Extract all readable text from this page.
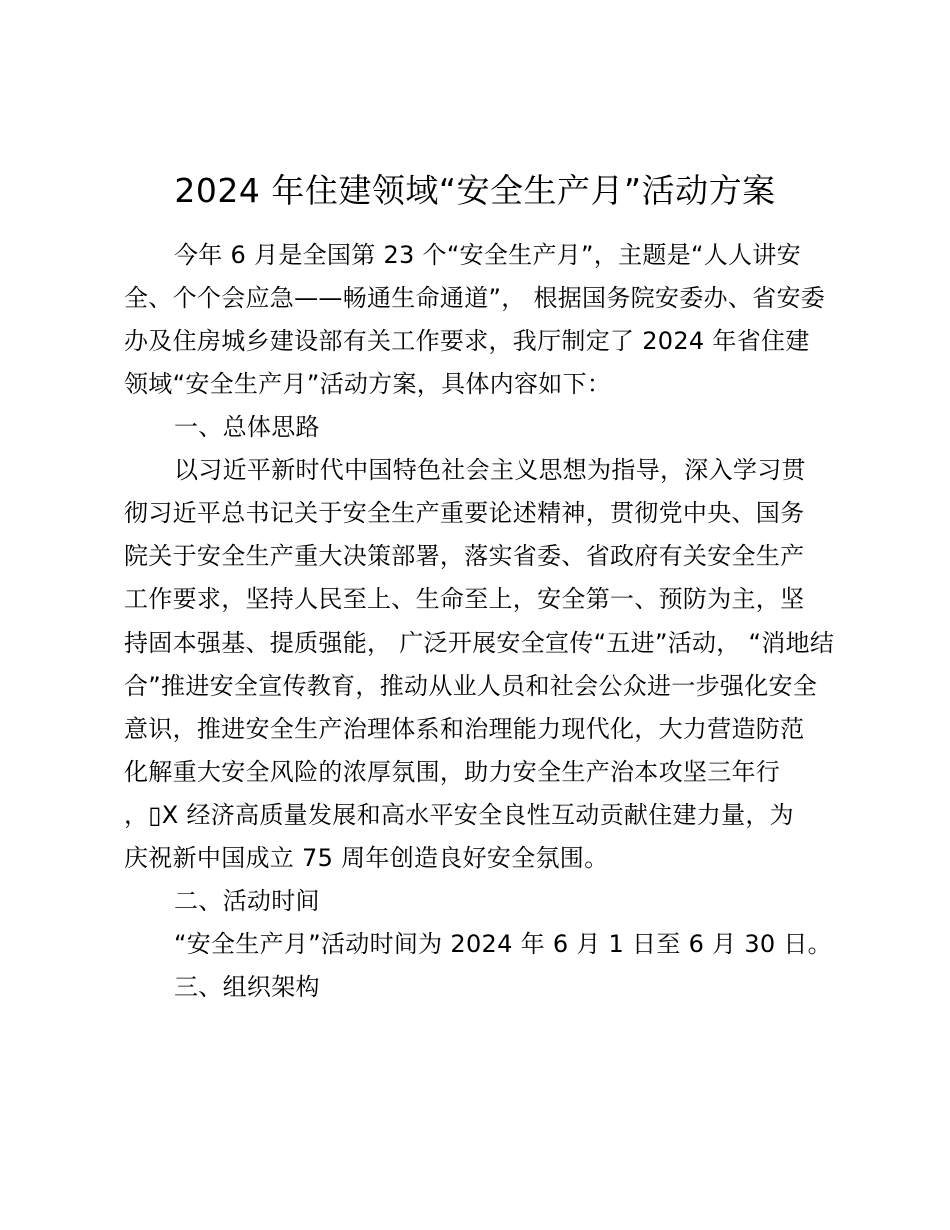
2024 年住建领域“安全生产月”活动方案
今年 6 月是全国第 23 个“安全生产月”，主题是“人人讲安
全、个个会应急——畅通生命通道”， 根据国务院安委办、省安委
办及住房城乡建设部有关工作要求，我厅制定了 2024 年省住建
领域“安全生产月”活动方案，具体内容如下：
一、总体思路
以习近平新时代中国特色社会主义思想为指导，深入学习贯
彻习近平总书记关于安全生产重要论述精神，贯彻党中央、国务
院关于安全生产重大决策部署，落实省委、省政府有关安全生产
工作要求，坚持人民至上、生命至上，安全第一、预防为主，坚
持固本强基、提质强能， 广泛开展安全宣传“五进”活动， “消地结
合”推进安全宣传教育，推动从业人员和社会公众进一步强化安全
意识，推进安全生产治理体系和治理能力现代化，大力营造防范
化解重大安全风险的浓厚氛围，助力安全生产治本攻坚三年行
，▯X 经济高质量发展和高水平安全良性互动贡献住建力量，为
庆祝新中国成立 75 周年创造良好安全氛围。
二、活动时间
“安全生产月”活动时间为 2024 年 6 月 1 日至 6 月 30 日。
三、组织架构
